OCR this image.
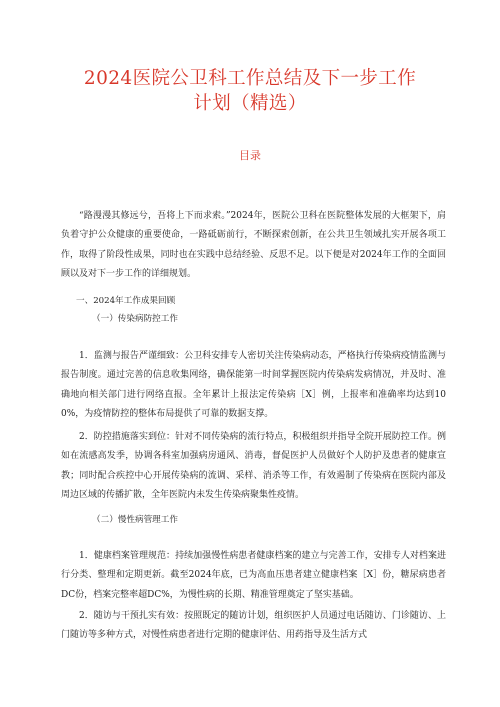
2024医院公卫科工作总结及下一步工作
计划（精选）
目录

“路漫漫其修远兮，吾将上下而求索。”2024年，医院公卫科在医院整体发展的大框架下，肩负着守护公众健康的重要使命，一路砥砺前行，不断探索创新，在公共卫生领域扎实开展各项工作，取得了阶段性成果，同时也在实践中总结经验、反思不足。以下便是对2024年工作的全面回顾以及对下一步工作的详细规划。

一、2024年工作成果回顾
（一）传染病防控工作

1．监测与报告严谨细致：公卫科安排专人密切关注传染病动态，严格执行传染病疫情监测与报告制度。通过完善的信息收集网络，确保能第一时间掌握医院内传染病发病情况，并及时、准确地向相关部门进行网络直报。全年累计上报法定传染病［X］例，上报率和准确率均达到100%，为疫情防控的整体布局提供了可靠的数据支撑。

2．防控措施落实到位：针对不同传染病的流行特点，积极组织并指导全院开展防控工作。例如在流感高发季，协调各科室加强病房通风、消毒，督促医护人员做好个人防护及患者的健康宣教；同时配合疾控中心开展传染病的流调、采样、消杀等工作，有效遏制了传染病在医院内部及周边区域的传播扩散，全年医院内未发生传染病聚集性疫情。

（二）慢性病管理工作

1．健康档案管理规范：持续加强慢性病患者健康档案的建立与完善工作，安排专人对档案进行分类、整理和定期更新。截至2024年底，已为高血压患者建立健康档案［X］份，糖尿病患者DC份，档案完整率超DC%，为慢性病的长期、精准管理奠定了坚实基础。

2．随访与干预扎实有效：按照既定的随访计划，组织医护人员通过电话随访、门诊随访、上门随访等多种方式，对慢性病患者进行定期的健康评估、用药指导及生活方式
